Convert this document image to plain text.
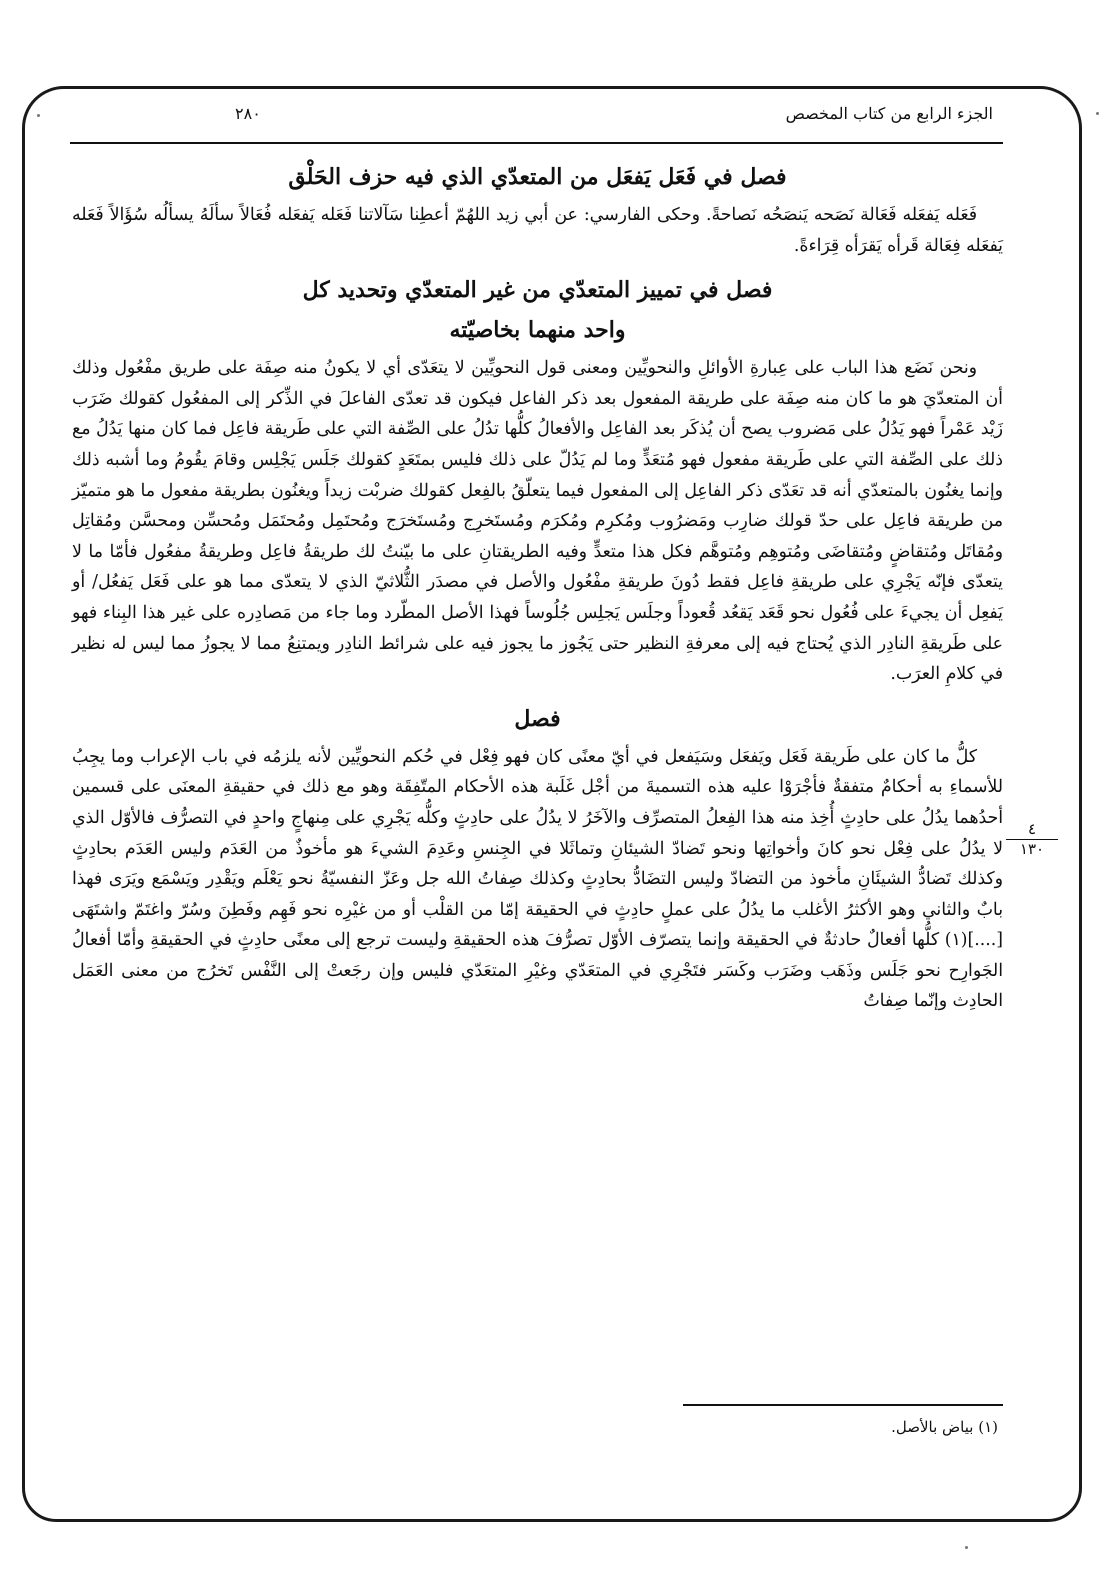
٢٨٠	الجزء الرابع من كتاب المخصص
فصل في فَعَل يَفعَل من المتعدّي الذي فيه حزف الحَلْق

فَعَله يَفعَله فَعَالة نَصَحه يَنصَحُه نَصاحةً. وحكى الفارسي: عن أبي زيد اللهُمّ أعطِنا سَآلاتنا فَعَله يَفعَله فُعَالاً سألَهُ يسألُه سُؤَالاً فَعَله يَفعَله فِعَالة قَرأه يَقرَأه قِرَاءةً.

فصل في تمييز المتعدّي من غير المتعدّي وتحديد كل
واحد منهما بخاصيّته

ونحن نَضَع هذا الباب على عِبارةِ الأوائلِ والنحويِّين ومعنى قول النحويِّين لا يتعَدّى أي لا يكونُ منه صِفَة على طريق مفْعُول وذلك أن المتعدّيَ هو ما كان منه صِفَة على طريقة المفعول بعد ذكر الفاعل فيكون قد تعدّى الفاعلَ في الذِّكر إلى المفعُول كقولك ضَرَب زَيْد عَمْراً فهو يَدُلُ على مَضروب يصح أن يُذكَر بعد الفاعِل والأفعالُ كلُّها تدُلُ على الصِّفة التي على طَريقة فاعِل فما كان منها يَدُلُ مع ذلك على الصِّفة التي على طَريقة مفعول فهو مُتعَدٍّ وما لم يَدُلّ على ذلك فليس بمتَعَدٍ كقولك جَلَس يَجْلِس وقامَ يقُومُ وما أشبه ذلك وإنما يغنُون بالمتعدّي أنه قد تعَدّى ذكر الفاعِل إلى المفعول فيما يتعلّقُ بالفِعل كقولك ضربْت زيداً ويغنُون بطريقة مفعول ما هو متميّز من طريقة فاعِل على حدّ قولك ضارِب ومَضرُوب ومُكرِم ومُكرَم ومُستَخرِج ومُستَخرَج ومُحتَمِل ومُحتَمَل ومُحسِّن ومحسَّن ومُقاتِل ومُقاتَل ومُتقاضٍ ومُتقاضَى ومُتوهِم ومُتوهَّم فكل هذا متعدٍّ وفيه الطريقتانِ على ما بيّنتُ لك طريقةُ فاعِل وطريقةُ مفعُول فأمّا ما لا يتعدّى فإنّه يَجْرِي على طريقةِ فاعِل فقط دُونَ طريقةِ مفْعُول والأصل في مصدَر الثُّلاثيّ الذي لا يتعدّى مما هو على فَعَل يَفعُل/ أو يَفعِل أن يجيءَ على فُعُول نحو قَعَد يَقعُد قُعوداً وجلَس يَجلِس جُلُوساً فهذا الأصل المطّرد وما جاء من مَصادِره على غير هذا البِناء فهو على طَريقةِ النادِر الذي يُحتاج فيه إلى معرفةِ النظير حتى يَجُوز ما يجوز فيه على شرائط النادِر ويمتنِعُ مما لا يجوزُ مما ليس له نظير في كلامِ العرَب.

فصل

كلُّ ما كان على طَريقة فَعَل ويَفعَل وسَيَفعل في أيّ معنًى كان فهو فِعْل في حُكم النحويِّين لأنه يلزمُه في باب الإعراب وما يجِبُ للأسماءِ به أحكامٌ متفقةٌ فأجْرَوْا عليه هذه التسميةَ من أجْل غَلَبة هذه الأحكام المتّفِقَة وهو مع ذلك في حقيقةِ المعنَى على قسمين أحدُهما يدُلُ على حادِثٍ أُخِذ منه هذا الفِعلُ المتصرِّف والآخَرُ لا يدُلُ على حادِثٍ وكلُّه يَجْرِي على مِنهاجٍ واحدٍ في التصرُّف فالأوّل الذي لا يدُلُ على فِعْل نحو كانَ وأخواتِها ونحو تَضادّ الشيئانِ وتماثَلا في الجِنسِ وعَدِمَ الشيءَ هو مأخوذٌ من العَدَم وليس العَدَم بحادِثٍ وكذلك تَضادُّ الشيئَانِ مأخوذ من التضادّ وليس التضَادُّ بحادِثٍ وكذلك صِفاتُ الله جل وعَزّ النفسيّةُ نحو يَعْلَم ويَقْدِر ويَسْمَع ويَرَى فهذا بابٌ والثاني وهو الأكثرُ الأغلب ما يدُلُ على عملٍ حادِثٍ في الحقيقة إمّا من القلْب أو من غيْرِه نحو فَهِم وفَطِنَ وسُرّ واغتَمّ واشتَهَى [....](١) كلُّها أفعالٌ حادثةٌ في الحقيقة وإنما يتصرّف الأوّل تصرُّفَ هذه الحقيقةِ وليست ترجع إلى معنًى حادِثٍ في الحقيقةِ وأمّا أفعالُ الجَوارِح نحو جَلَس وذَهَب وضَرَب وكَسَر فتَجْرِي في المتعَدّي وغيْرِ المتعَدّي فليس وإن رجَعتْ إلى النَّفْس تَخرُج من معنى العَمَل الحادِث وإنّما صِفاتُ

٤
١٣٠
(١) بياض بالأصل.
